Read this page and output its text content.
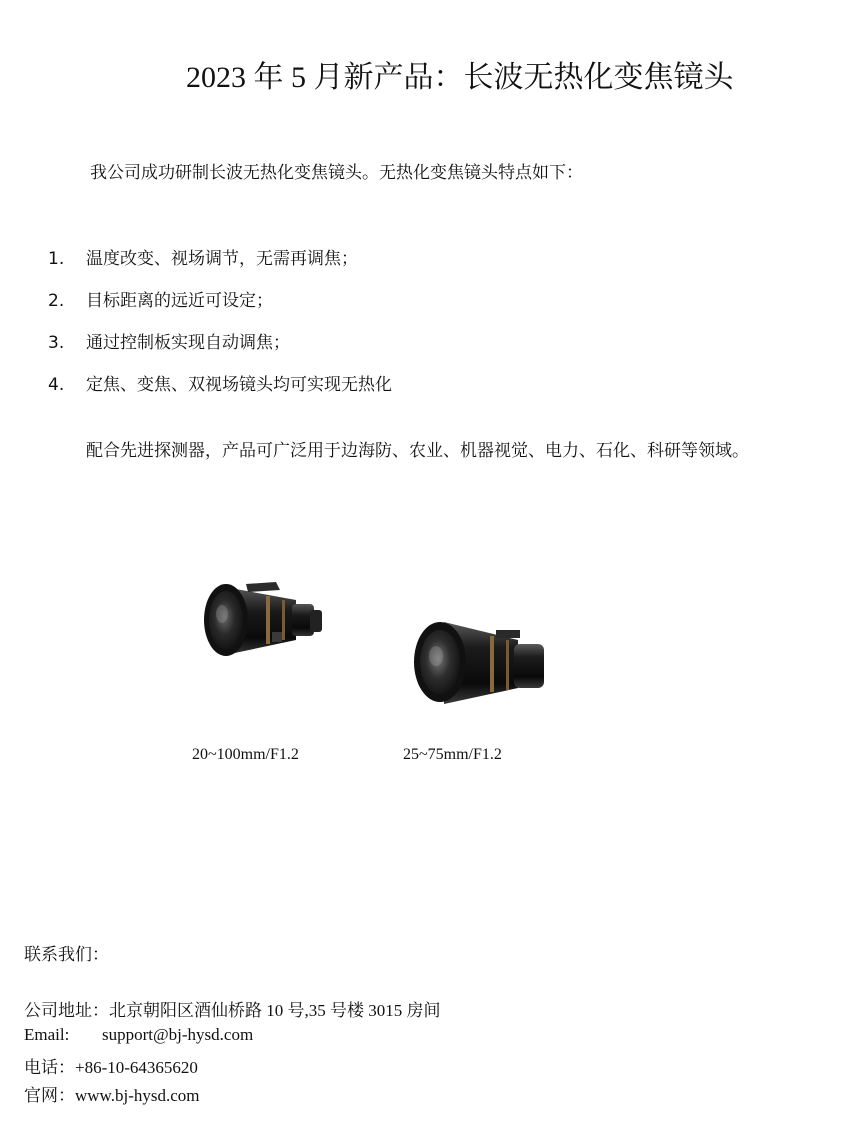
2023 年 5 月新产品：长波无热化变焦镜头
我公司成功研制长波无热化变焦镜头。无热化变焦镜头特点如下：
1. 温度改变、视场调节，无需再调焦；
2. 目标距离的远近可设定；
3. 通过控制板实现自动调焦；
4. 定焦、变焦、双视场镜头均可实现无热化
配合先进探测器，产品可广泛用于边海防、农业、机器视觉、电力、石化、科研等领域。
20~100mm/F1.2	25~75mm/F1.2
联系我们：
公司地址：北京朝阳区酒仙桥路 10 号,35 号楼 3015 房间
Email: support@bj-hysd.com
电话：+86-10-64365620
官网：www.bj-hysd.com
